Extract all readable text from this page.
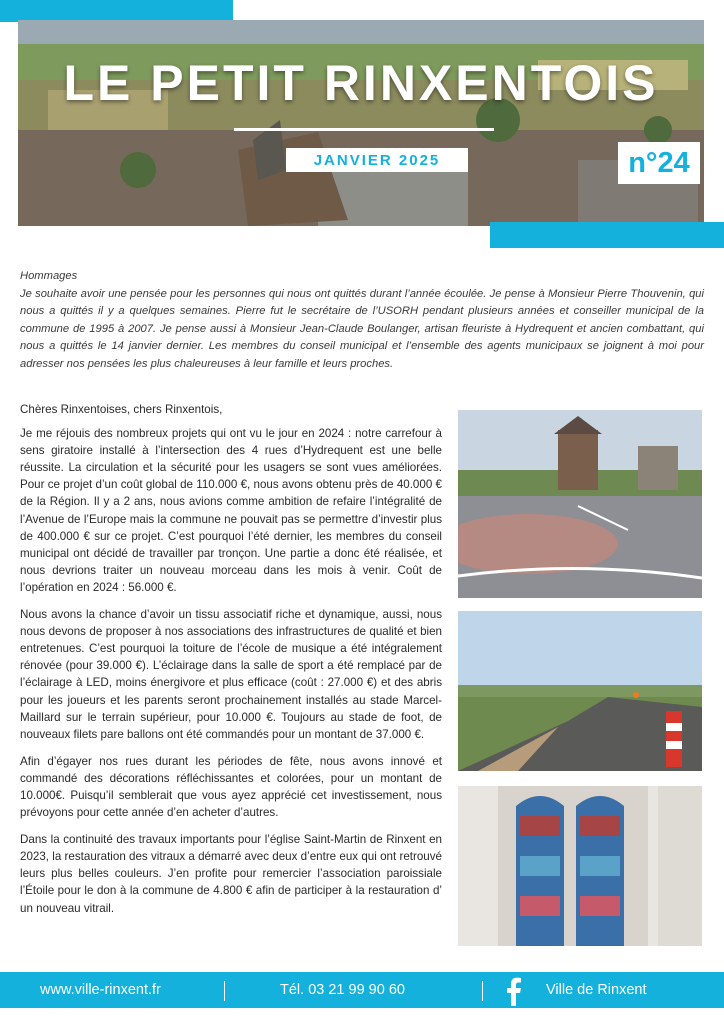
LE PETIT RINXENTOIS
JANVIER 2025	n°24

Hommages

Je souhaite avoir une pensée pour les personnes qui nous ont quittés durant l’année écoulée. Je pense à Monsieur Pierre Thouvenin, qui nous a quittés il y a quelques semaines. Pierre fut le secrétaire de l’USORH pendant plusieurs années et conseiller municipal de la commune de 1995 à 2007. Je pense aussi à Monsieur Jean-Claude Boulanger, artisan fleuriste à Hydrequent et ancien combattant, qui nous a quittés le 14 janvier dernier. Les membres du conseil municipal et l’ensemble des agents municipaux se joignent à moi pour adresser nos pensées les plus chaleureuses à leur famille et leurs proches.

Chères Rinxentoises, chers Rinxentois,

Je me réjouis des nombreux projets qui ont vu le jour en 2024 : notre carrefour à sens giratoire installé à l’intersection des 4 rues d’Hydrequent est une belle réussite. La circulation et la sécurité pour les usagers se sont vues améliorées. Pour ce projet d’un coût global de 110.000 €, nous avons obtenu près de 40.000 € de la Région. Il y a 2 ans, nous avions comme ambition de refaire l’intégralité de l’Avenue de l’Europe mais la commune ne pouvait pas se permettre d’investir plus de 400.000 € sur ce projet. C’est pourquoi l’été dernier, les membres du conseil municipal ont décidé de travailler par tronçon. Une partie a donc été réalisée, et nous devrions traiter un nouveau morceau dans les mois à venir. Coût de l’opération en 2024 : 56.000 €.

Nous avons la chance d’avoir un tissu associatif riche et dynamique, aussi, nous nous devons de proposer à nos associations des infrastructures de qualité et bien entretenues. C’est pourquoi la toiture de l’école de musique a été intégralement rénovée (pour 39.000 €). L’éclairage dans la salle de sport a été remplacé par de l’éclairage à LED, moins énergivore et plus efficace (coût : 27.000 €) et des abris pour les joueurs et les parents seront prochainement installés au stade Marcel-Maillard sur le terrain supérieur, pour 10.000 €. Toujours au stade de foot, de nouveaux filets pare ballons ont été commandés pour un montant de 37.000 €.

Afin d’égayer nos rues durant les périodes de fête, nous avons innové et commandé des décorations réfléchissantes et colorées, pour un montant de 10.000€. Puisqu’il semblerait que vous ayez apprécié cet investissement, nous prévoyons pour cette année d’en acheter d’autres.

Dans la continuité des travaux importants pour l’église Saint-Martin de Rinxent en 2023, la restauration des vitraux a démarré avec deux d’entre eux qui ont retrouvé leurs plus belles couleurs. J’en profite pour remercier l’association paroissiale l’Étoile pour le don à la commune de 4.800 € afin de participer à la restauration d’ un nouveau vitrail.

www.ville-rinxent.fr	Tél. 03 21 99 90 60	Ville de Rinxent
